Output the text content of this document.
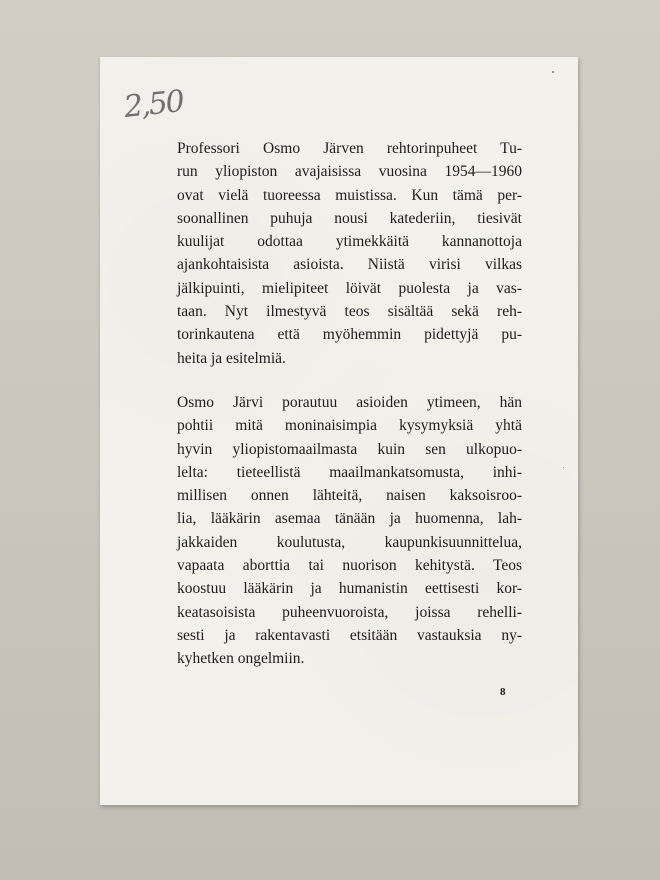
2,50

Professori Osmo Järven rehtorinpuheet Tu-
run yliopiston avajaisissa vuosina 1954—1960
ovat vielä tuoreessa muistissa. Kun tämä per-
soonallinen puhuja nousi katederiin, tiesivät
kuulijat odottaa ytimekkäitä kannanottoja
ajankohtaisista asioista. Niistä virisi vilkas
jälkipuinti, mielipiteet löivät puolesta ja vas-
taan. Nyt ilmestyvä teos sisältää sekä reh-
torinkautena että myöhemmin pidettyjä pu-
heita ja esitelmiä.

Osmo Järvi porautuu asioiden ytimeen, hän
pohtii mitä moninaisimpia kysymyksiä yhtä
hyvin yliopistomaailmasta kuin sen ulkopuo-
lelta: tieteellistä maailmankatsomusta, inhi-
millisen onnen lähteitä, naisen kaksoisroo-
lia, lääkärin asemaa tänään ja huomenna, lah-
jakkaiden koulutusta, kaupunkisuunnittelua,
vapaata aborttia tai nuorison kehitystä. Teos
koostuu lääkärin ja humanistin eettisesti kor-
keatasoisista puheenvuoroista, joissa rehelli-
sesti ja rakentavasti etsitään vastauksia ny-
kyhetken ongelmiin.

8
